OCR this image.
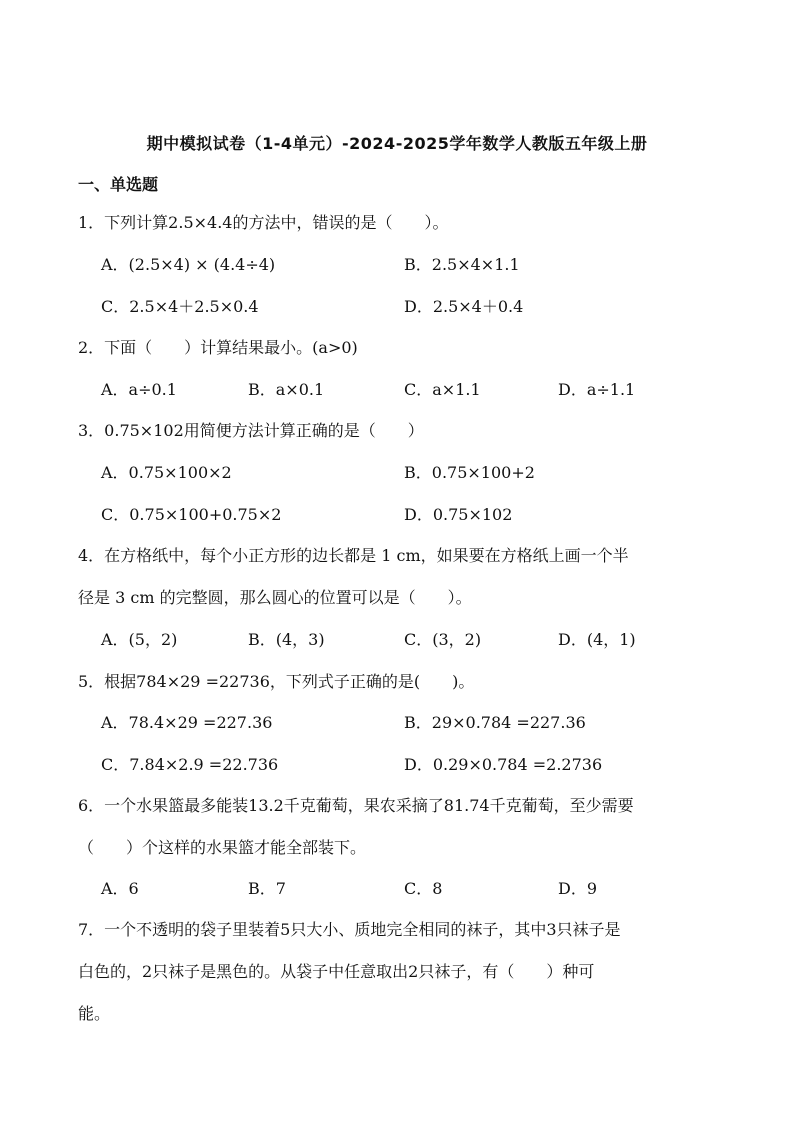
期中模拟试卷（1-4单元）-2024-2025学年数学人教版五年级上册
一、单选题
1．下列计算2.5×4.4的方法中，错误的是（　　）。
A．(2.5×4) × (4.4÷4)	B．2.5×4×1.1
C．2.5×4＋2.5×0.4	D．2.5×4＋0.4
2．下面（　　）计算结果最小。(a>0)
A．a÷0.1	B．a×0.1	C．a×1.1	D．a÷1.1
3．0.75×102用简便方法计算正确的是（　　）
A．0.75×100×2	B．0.75×100+2
C．0.75×100+0.75×2	D．0.75×102
4．在方格纸中，每个小正方形的边长都是 1 cm，如果要在方格纸上画一个半
径是 3 cm 的完整圆，那么圆心的位置可以是（　　）。
A．(5，2)	B．(4，3)	C．(3，2)	D．(4，1)
5．根据784×29 =22736，下列式子正确的是(　　)。
A．78.4×29 =227.36	B．29×0.784 =227.36
C．7.84×2.9 =22.736	D．0.29×0.784 =2.2736
6．一个水果篮最多能装13.2千克葡萄，果农采摘了81.74千克葡萄，至少需要
（　　）个这样的水果篮才能全部装下。
A．6	B．7	C．8	D．9
7．一个不透明的袋子里装着5只大小、质地完全相同的袜子，其中3只袜子是
白色的，2只袜子是黑色的。从袋子中任意取出2只袜子，有（　　）种可
能。
